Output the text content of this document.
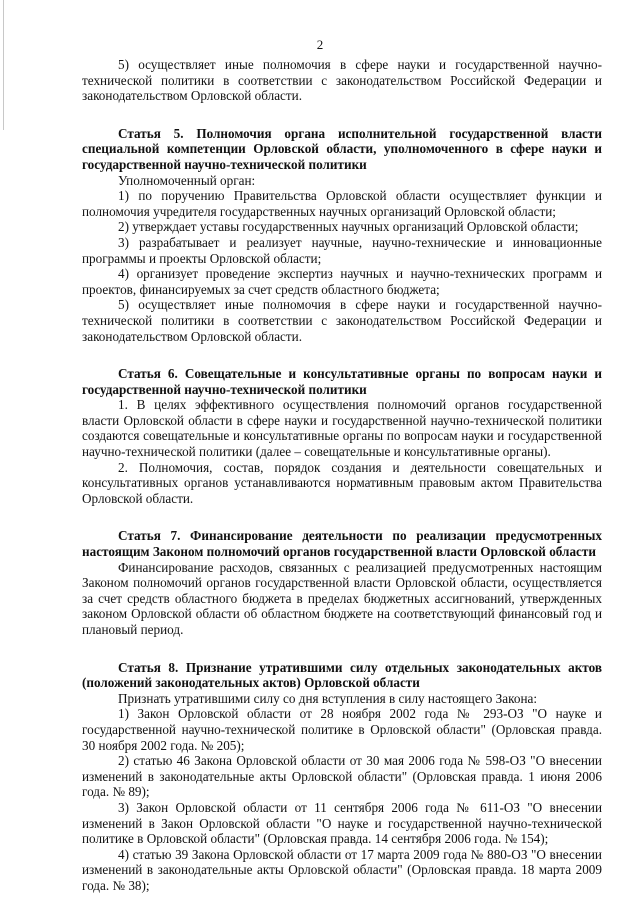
2

5) осуществляет иные полномочия в сфере науки и государственной научно-технической политики в соответствии с законодательством Российской Федерации и законодательством Орловской области.

Статья 5. Полномочия органа исполнительной государственной власти специальной компетенции Орловской области, уполномоченного в сфере науки и государственной научно-технической политики

Уполномоченный орган:

1) по поручению Правительства Орловской области осуществляет функции и полномочия учредителя государственных научных организаций Орловской области;

2) утверждает уставы государственных научных организаций Орловской области;

3) разрабатывает и реализует научные, научно-технические и инновационные программы и проекты Орловской области;

4) организует проведение экспертиз научных и научно-технических программ и проектов, финансируемых за счет средств областного бюджета;

5) осуществляет иные полномочия в сфере науки и государственной научно-технической политики в соответствии с законодательством Российской Федерации и законодательством Орловской области.

Статья 6. Совещательные и консультативные органы по вопросам науки и государственной научно-технической политики

1. В целях эффективного осуществления полномочий органов государственной власти Орловской области в сфере науки и государственной научно-технической политики создаются совещательные и консультативные органы по вопросам науки и государственной научно-технической политики (далее – совещательные и консультативные органы).

2. Полномочия, состав, порядок создания и деятельности совещательных и консультативных органов устанавливаются нормативным правовым актом Правительства Орловской области.

Статья 7. Финансирование деятельности по реализации предусмотренных настоящим Законом полномочий органов государственной власти Орловской области

Финансирование расходов, связанных с реализацией предусмотренных настоящим Законом полномочий органов государственной власти Орловской области, осуществляется за счет средств областного бюджета в пределах бюджетных ассигнований, утвержденных законом Орловской области об областном бюджете на соответствующий финансовый год и плановый период.

Статья 8. Признание утратившими силу отдельных законодательных актов (положений законодательных актов) Орловской области

Признать утратившими силу со дня вступления в силу настоящего Закона:

1) Закон Орловской области от 28 ноября 2002 года № 293-ОЗ "О науке и государственной научно-технической политике в Орловской области" (Орловская правда. 30 ноября 2002 года. № 205);

2) статью 46 Закона Орловской области от 30 мая 2006 года № 598-ОЗ "О внесении изменений в законодательные акты Орловской области" (Орловская правда. 1 июня 2006 года. № 89);

3) Закон Орловской области от 11 сентября 2006 года № 611-ОЗ "О внесении изменений в Закон Орловской области "О науке и государственной научно-технической политике в Орловской области" (Орловская правда. 14 сентября 2006 года. № 154);

4) статью 39 Закона Орловской области от 17 марта 2009 года № 880-ОЗ "О внесении изменений в законодательные акты Орловской области" (Орловская правда. 18 марта 2009 года. № 38);
